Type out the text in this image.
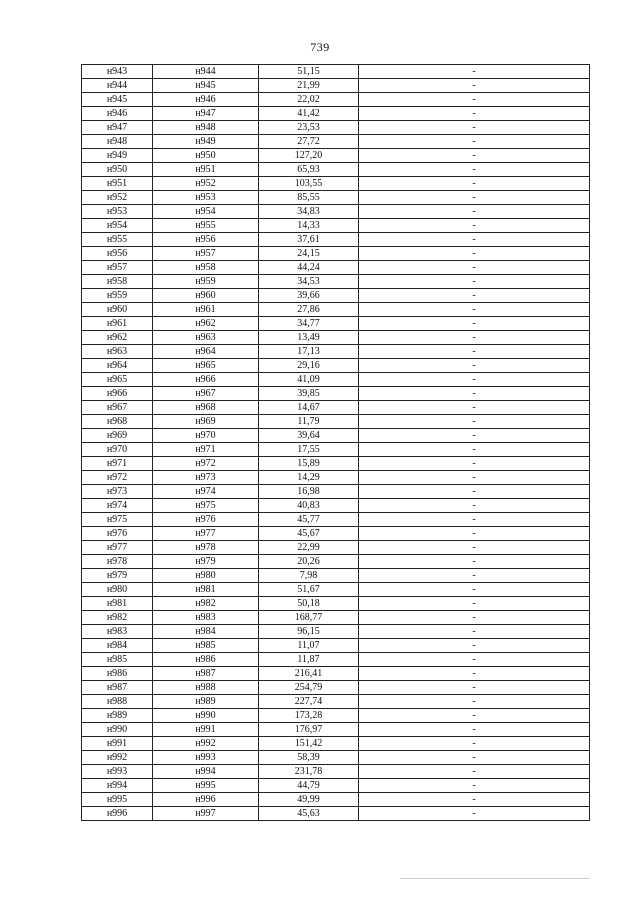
739
н943	н944	51,15	-
н944	н945	21,99	-
н945	н946	22,02	-
н946	н947	41,42	-
н947	н948	23,53	-
н948	н949	27,72	-
н949	н950	127,20	-
н950	н951	65,93	-
н951	н952	103,55	-
н952	н953	85,55	-
н953	н954	34,83	-
н954	н955	14,33	-
н955	н956	37,61	-
н956	н957	24,15	-
н957	н958	44,24	-
н958	н959	34,53	-
н959	н960	39,66	-
н960	н961	27,86	-
н961	н962	34,77	-
н962	н963	13,49	-
н963	н964	17,13	-
н964	н965	29,16	-
н965	н966	41,09	-
н966	н967	39,85	-
н967	н968	14,67	-
н968	н969	11,79	-
н969	н970	39,64	-
н970	н971	17,55	-
н971	н972	15,89	-
н972	н973	14,29	-
н973	н974	16,98	-
н974	н975	40,83	-
н975	н976	45,77	-
н976	н977	45,67	-
н977	н978	22,99	-
н978	н979	20,26	-
н979	н980	7,98	-
н980	н981	51,67	-
н981	н982	50,18	-
н982	н983	168,77	-
н983	н984	96,15	-
н984	н985	11,07	-
н985	н986	11,87	-
н986	н987	216,41	-
н987	н988	254,79	-
н988	н989	227,74	-
н989	н990	173,28	-
н990	н991	176,97	-
н991	н992	151,42	-
н992	н993	58,39	-
н993	н994	231,78	-
н994	н995	44,79	-
н995	н996	49,99	-
н996	н997	45,63	-
